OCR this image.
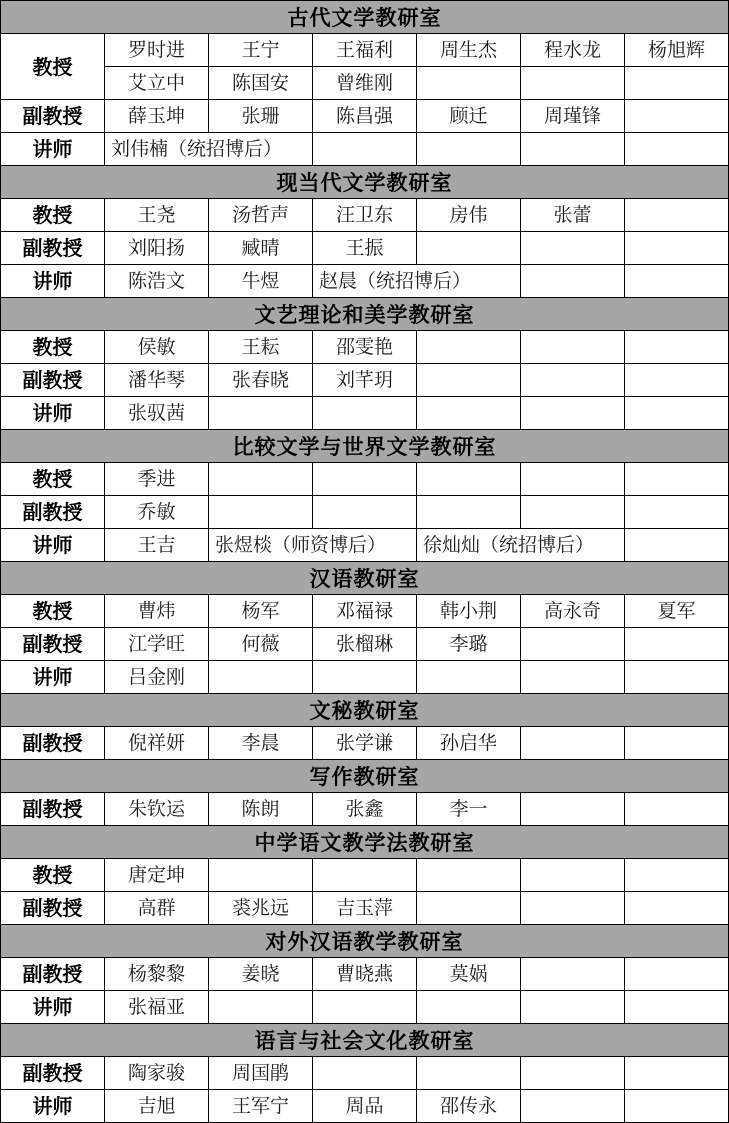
古代文学教研室						
教授	罗时进	王宁	王福利	周生杰	程水龙	杨旭辉
	艾立中	陈国安	曾维刚			
副教授	薛玉坤	张珊	陈昌强	顾迁	周瑾锋	
讲师	刘伟楠（统招博后）					
现当代文学教研室						
教授	王尧	汤哲声	汪卫东	房伟	张蕾	
副教授	刘阳扬	臧晴	王振			
讲师	陈浩文	牛煜	赵晨（统招博后）			
文艺理论和美学教研室						
教授	侯敏	王耘	邵雯艳			
副教授	潘华琴	张春晓	刘芊玥			
讲师	张驭茜					
比较文学与世界文学教研室						
教授	季进					
副教授	乔敏					
讲师	王吉	张煜棪（师资博后）		徐灿灿（统招博后）		
汉语教研室						
教授	曹炜	杨军	邓福禄	韩小荆	高永奇	夏军
副教授	江学旺	何薇	张榴琳	李璐		
讲师	吕金刚					
文秘教研室						
副教授	倪祥妍	李晨	张学谦	孙启华		
写作教研室						
副教授	朱钦运	陈朗	张鑫	李一		
中学语文教学法教研室						
教授	唐定坤					
副教授	高群	裘兆远	吉玉萍			
对外汉语教学教研室						
副教授	杨黎黎	姜晓	曹晓燕	莫娲		
讲师	张福亚					
语言与社会文化教研室						
副教授	陶家骏	周国鹃				
讲师	吉旭	王军宁	周品	邵传永		
